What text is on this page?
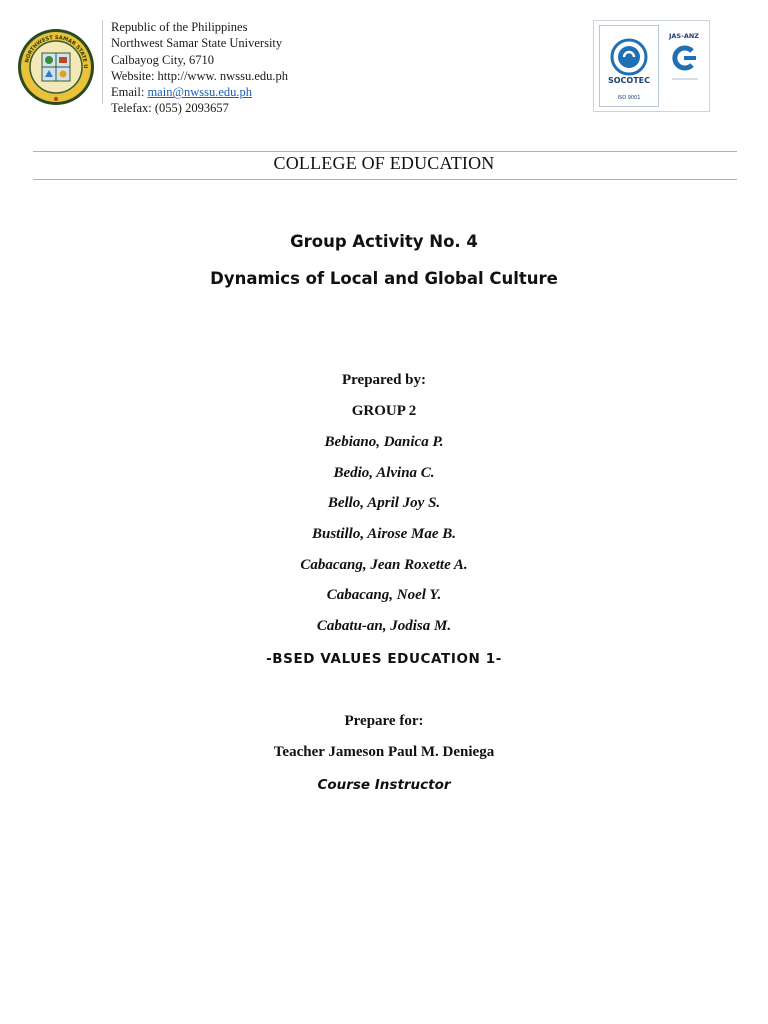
NORTHWEST SAMAR STATE U
Republic of the Philippines
Northwest Samar State University
Calbayog City, 6710
Website: http://www. nwssu.edu.ph
Email: main@nwssu.edu.ph
Telefax: (055) 2093657
SOCOTEC
ISO 9001
JAS-ANZ
COLLEGE OF EDUCATION
Group Activity No. 4
Dynamics of Local and Global Culture
Prepared by:
GROUP 2
Bebiano, Danica P.
Bedio, Alvina C.
Bello, April Joy S.
Bustillo, Airose Mae B.
Cabacang, Jean Roxette A.
Cabacang, Noel Y.
Cabatu-an, Jodisa M.
-BSED VALUES EDUCATION 1-
Prepare for:
Teacher Jameson Paul M. Deniega
Course Instructor
